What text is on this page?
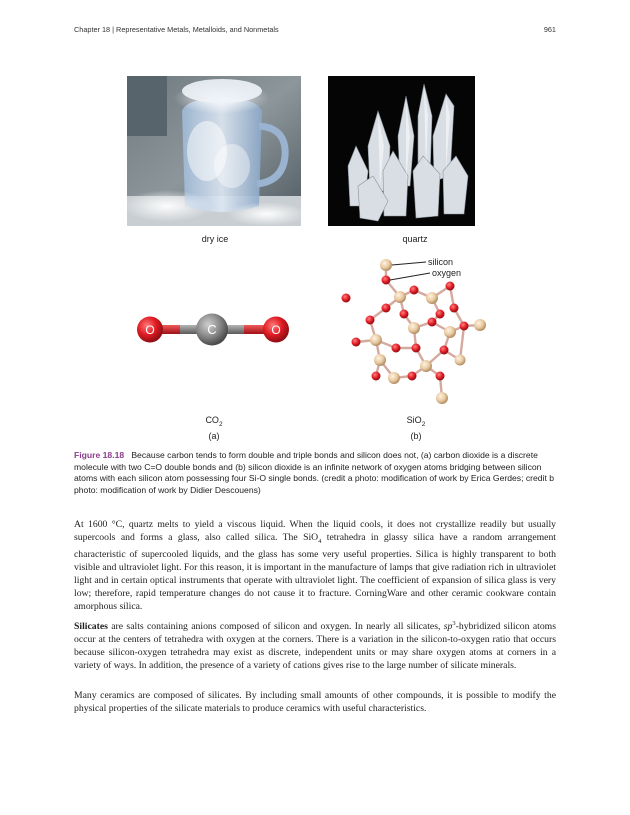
Chapter 18 | Representative Metals, Metalloids, and Nonmetals	961
dry ice	quartz
O	C	O
silicon
oxygen
$CO_2$	SiO$_2$
(a)	(b)
Figure 18.18 Because carbon tends to form double and triple bonds and silicon does not, (a) carbon dioxide is a discrete molecule with two C=O double bonds and (b) silicon dioxide is an infinite network of oxygen atoms bridging between silicon atoms with each silicon atom possessing four Si-O single bonds. (credit a photo: modification of work by Erica Gerdes; credit b photo: modification of work by Didier Descouens)

At 1600 °C, quartz melts to yield a viscous liquid. When the liquid cools, it does not crystallize readily but usually supercools and forms a glass, also called silica. The SiO$_4$ tetrahedra in glassy silica have a random arrangement characteristic of supercooled liquids, and the glass has some very useful properties. Silica is highly transparent to both visible and ultraviolet light. For this reason, it is important in the manufacture of lamps that give radiation rich in ultraviolet light and in certain optical instruments that operate with ultraviolet light. The coefficient of expansion of silica glass is very low; therefore, rapid temperature changes do not cause it to fracture. CorningWare and other ceramic cookware contain amorphous silica.

Silicates are salts containing anions composed of silicon and oxygen. In nearly all silicates, $sp^3$-hybridized silicon atoms occur at the centers of tetrahedra with oxygen at the corners. There is a variation in the silicon-to-oxygen ratio that occurs because silicon-oxygen tetrahedra may exist as discrete, independent units or may share oxygen atoms at corners in a variety of ways. In addition, the presence of a variety of cations gives rise to the large number of silicate minerals.

Many ceramics are composed of silicates. By including small amounts of other compounds, it is possible to modify the physical properties of the silicate materials to produce ceramics with useful characteristics.
